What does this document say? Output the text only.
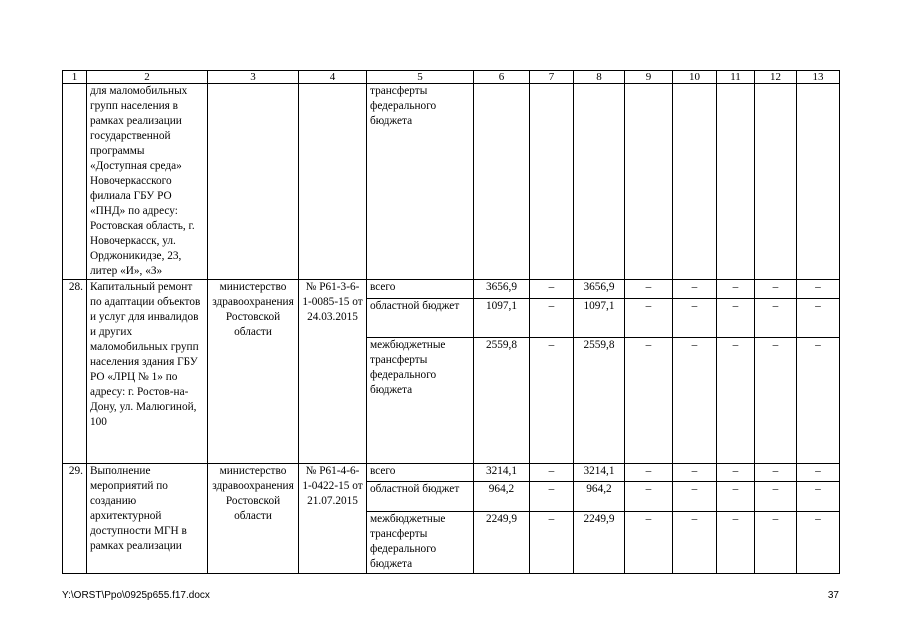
1	2	3	4	5	6	7	8	9	10	11	12	13
	для маломобильных групп населения в рамках реализации государственной программы «Доступная среда» Новочеркасского филиала ГБУ РО «ПНД» по адресу: Ростовская область, г. Новочеркасск, ул. Орджоникидзе, 23, литер «И», «З»			трансферты федерального бюджета								
28.	Капитальный ремонт по адаптации объектов и услуг для инвалидов и других маломобильных групп населения здания ГБУ РО «ЛРЦ № 1» по адресу: г. Ростов-на-Дону, ул. Малюгиной, 100	министерство здравоохранения Ростовской области	№ Р61-3-6-1-0085-15 от 24.03.2015	всего	3656,9	–	3656,9	–	–	–	–	–
				областной бюджет	1097,1	–	1097,1	–	–	–	–	–
				межбюджетные трансферты федерального бюджета	2559,8	–	2559,8	–	–	–	–	–
29.	Выполнение мероприятий по созданию архитектурной доступности МГН в рамках реализации	министерство здравоохранения Ростовской области	№ Р61-4-6-1-0422-15 от 21.07.2015	всего	3214,1	–	3214,1	–	–	–	–	–
				областной бюджет	964,2	–	964,2	–	–	–	–	–
				межбюджетные трансферты федерального бюджета	2249,9	–	2249,9	–	–	–	–	–
Y:\ORST\Ppo\0925p655.f17.docx	37
